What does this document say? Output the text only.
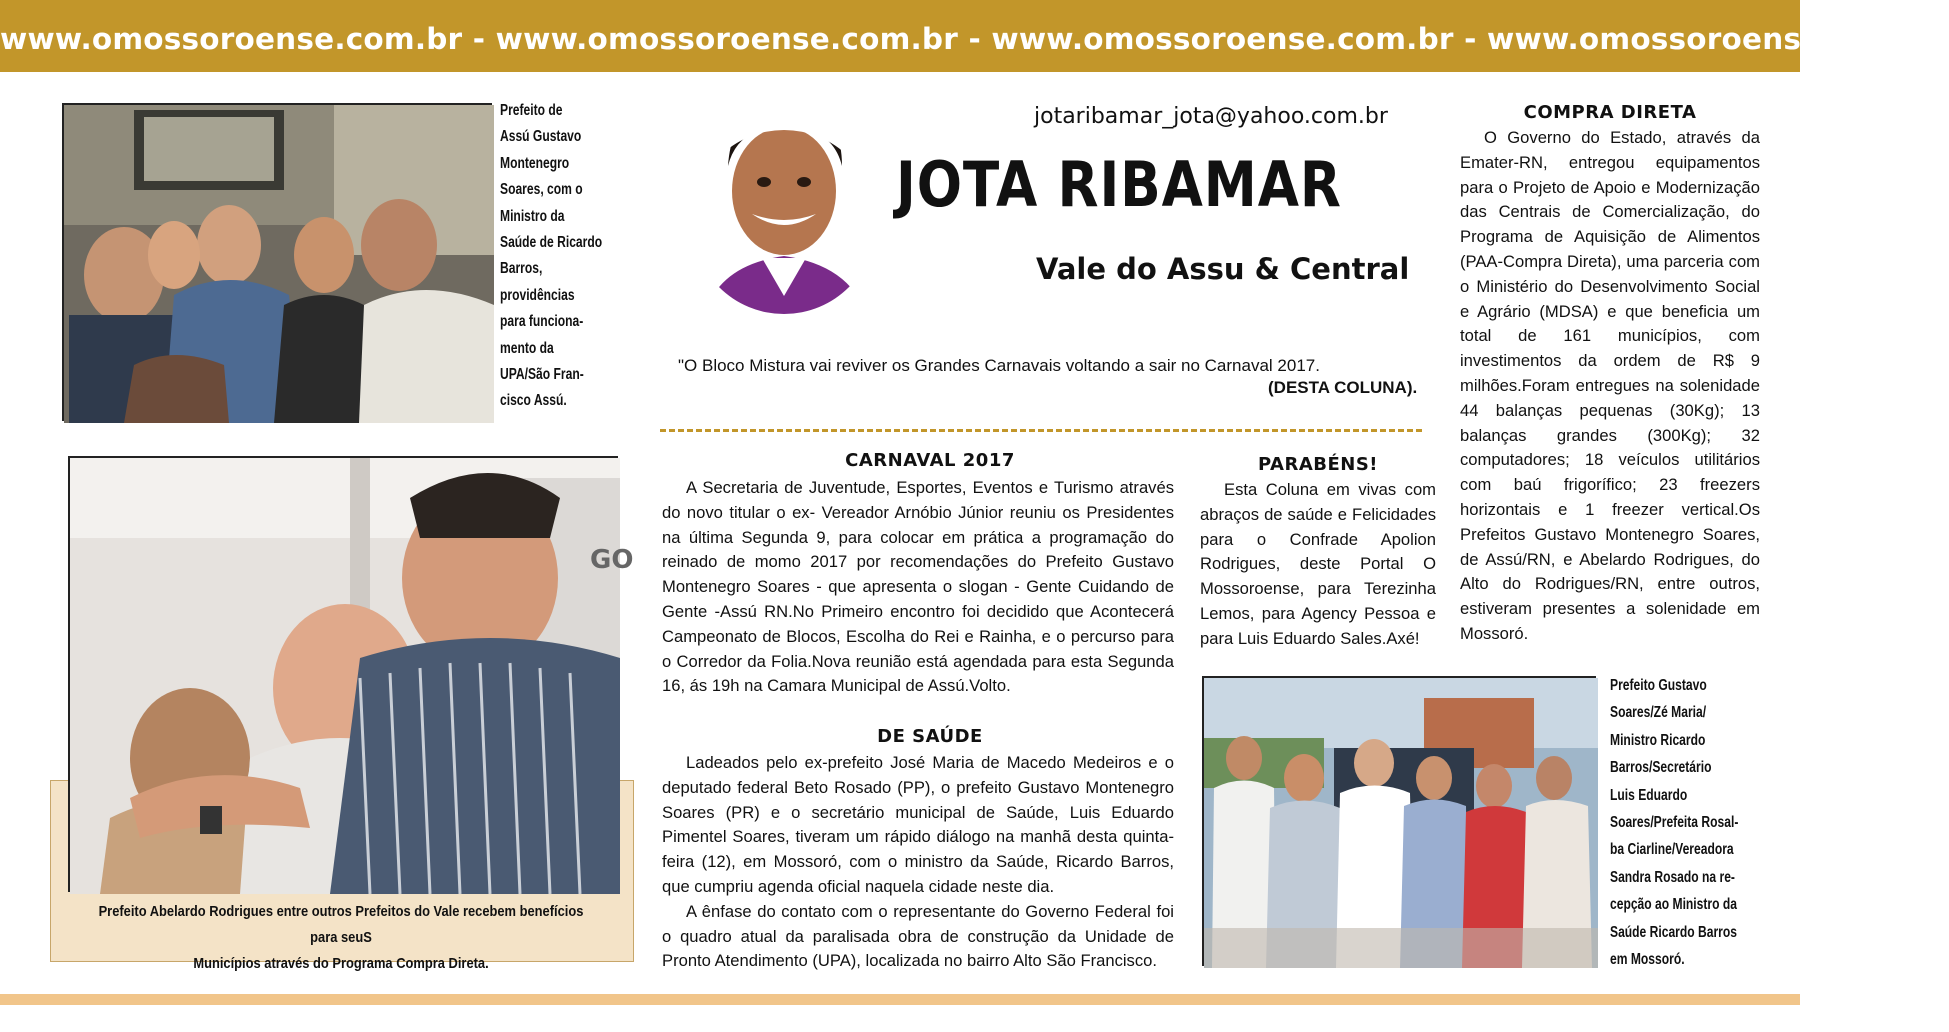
www.omossoroense.com.br - www.omossoroense.com.br - www.omossoroense.com.br - www.omossoroense.com.br
Prefeito de
Assú Gustavo
Montenegro
Soares, com o
Ministro da
Saúde de Ricardo
Barros,
providências
para funciona-
mento da
UPA/São Fran-
cisco Assú.
Prefeito Abelardo Rodrigues entre outros Prefeitos do Vale recebem benefícios para seuS
Municípios através do Programa Compra Direta.
GO
jotaribamar_jota@yahoo.com.br
JOTA RIBAMAR
Vale do Assu & Central
"O Bloco Mistura vai reviver os Grandes Carnavais voltando a sair no Carnaval 2017.
(DESTA COLUNA).
CARNAVAL 2017

A Secretaria de Juventude, Esportes, Eventos e Turismo através do novo titular o ex- Vereador Arnóbio Júnior reuniu os Presidentes na última Segunda 9, para colocar em prática a programação do reinado de momo 2017 por recomendações do Prefeito Gustavo Montenegro Soares - que apresenta o slogan - Gente Cuidando de Gente -Assú RN.No Primeiro encontro foi decidido que Acontecerá Campeonato de Blocos, Escolha do Rei e Rainha, e o percurso para o Corredor da Folia.Nova reunião está agendada para esta Segunda 16, ás 19h na Camara Municipal de Assú.Volto.

DE SAÚDE

Ladeados pelo ex-prefeito José Maria de Macedo Medeiros e o deputado federal Beto Rosado (PP), o prefeito Gustavo Montenegro Soares (PR) e o secretário municipal de Saúde, Luis Eduardo Pimentel Soares, tiveram um rápido diálogo na manhã desta quinta-feira (12), em Mossoró, com o ministro da Saúde, Ricardo Barros, que cumpriu agenda oficial naquela cidade neste dia.

A ênfase do contato com o representante do Governo Federal foi o quadro atual da paralisada obra de construção da Unidade de Pronto Atendimento (UPA), localizada no bairro Alto São Francisco.

PARABÉNS!

Esta Coluna em vivas com abraços de saúde e Felicidades para o Confrade Apolion Rodrigues, deste Portal O Mossoroense, para Terezinha Lemos, para Agency Pessoa e para Luis Eduardo Sales.Axé!

COMPRA DIRETA

O Governo do Estado, através da Emater-RN, entregou equipamentos para o Projeto de Apoio e Modernização das Centrais de Comercialização, do Programa de Aquisição de Alimentos (PAA-Compra Direta), uma parceria com o Ministério do Desenvolvimento Social e Agrário (MDSA) e que beneficia um total de 161 municípios, com investimentos da ordem de R$ 9 milhões.Foram entregues na solenidade 44 balanças pequenas (30Kg); 13 balanças grandes (300Kg); 32 computadores; 18 veículos utilitários com baú frigorífico; 23 freezers horizontais e 1 freezer vertical.Os Prefeitos Gustavo Montenegro Soares, de Assú/RN, e Abelardo Rodrigues, do Alto do Rodrigues/RN, entre outros, estiveram presentes a solenidade em Mossoró.

Prefeito Gustavo
Soares/Zé Maria/
Ministro Ricardo
Barros/Secretário
Luis Eduardo
Soares/Prefeita Rosal-
ba Ciarline/Vereadora
Sandra Rosado na re-
cepção ao Ministro da
Saúde Ricardo Barros
em Mossoró.
